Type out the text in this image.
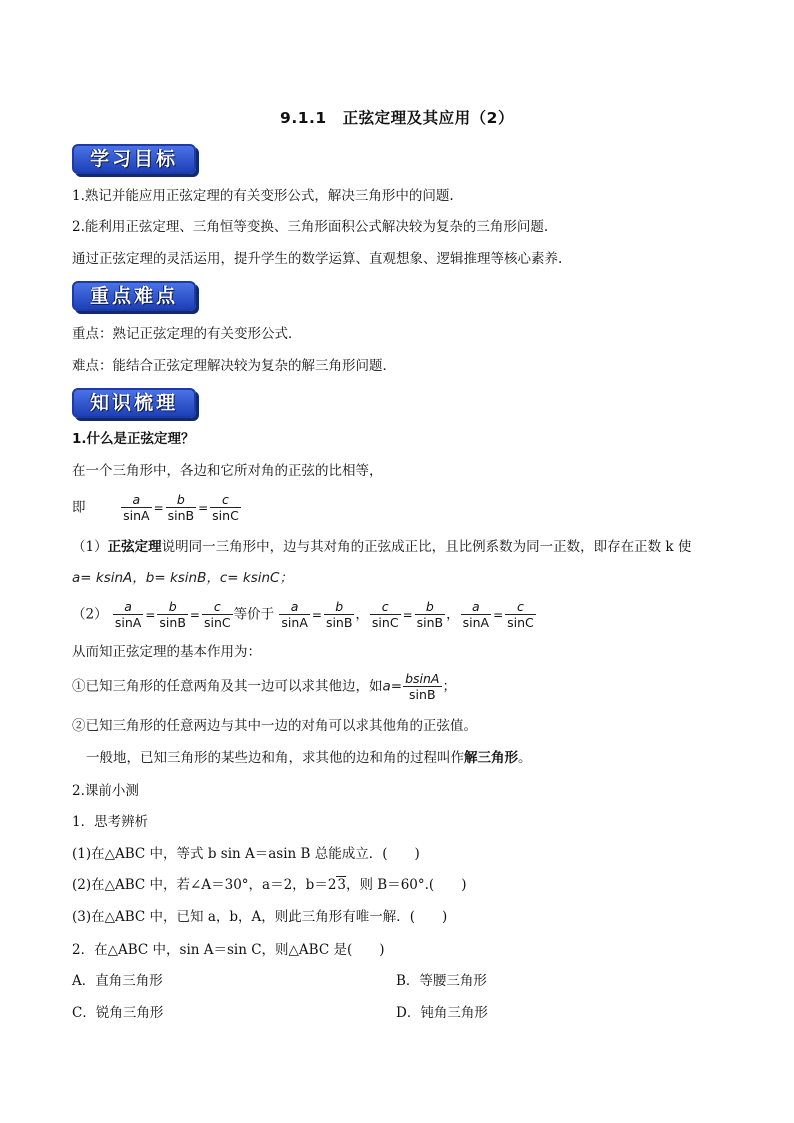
9.1.1　正弦定理及其应用（2）
学习目标
1.熟记并能应用正弦定理的有关变形公式，解决三角形中的问题.
2.能利用正弦定理、三角恒等变换、三角形面积公式解决较为复杂的三角形问题.
通过正弦定理的灵活运用，提升学生的数学运算、直观想象、逻辑推理等核心素养.
重点难点
重点：熟记正弦定理的有关变形公式．
难点：能结合正弦定理解决较为复杂的解三角形问题．
知识梳理
1.什么是正弦定理？
在一个三角形中，各边和它所对角的正弦的比相等，
即	$\frac{a}{\sin A} = \frac{b}{\sin B} = \frac{c}{\sin C}$
（1）正弦定理说明同一三角形中，边与其对角的正弦成正比，且比例系数为同一正数，即存在正数 k 使
a= ksinA，b= ksinB，c= ksinC；
$(2) \frac{a}{\sin A} = \frac{b}{\sin B} = \frac{c}{\sin C}$ 等价于 $\frac{a}{\sin A} = \frac{b}{\sin B}$ ， $\frac{c}{\sin C} = \frac{b}{\sin B}$ ， $\frac{a}{\sin A} = \frac{c}{\sin C}$
从而知正弦定理的基本作用为：
①已知三角形的任意两角及其一边可以求其他边，如$a= \frac{bsinA}{\sin B}$ ；
②已知三角形的任意两边与其中一边的对角可以求其他角的正弦值。
一般地，已知三角形的某些边和角，求其他的边和角的过程叫作解三角形。
2.课前小测
1．思考辨析
(1)在△ABC 中，等式 b sin A＝asin B 总能成立．(　　)
(2)在△ABC 中，若∠A＝30°，a＝2，b＝23，则 B＝60°.(　　)
(3)在△ABC 中，已知 a，b，A，则此三角形有唯一解．(　　)
2．在△ABC 中，sin A＝sin C，则△ABC 是(　　)
A．直角三角形	B．等腰三角形
C．锐角三角形	D．钝角三角形
